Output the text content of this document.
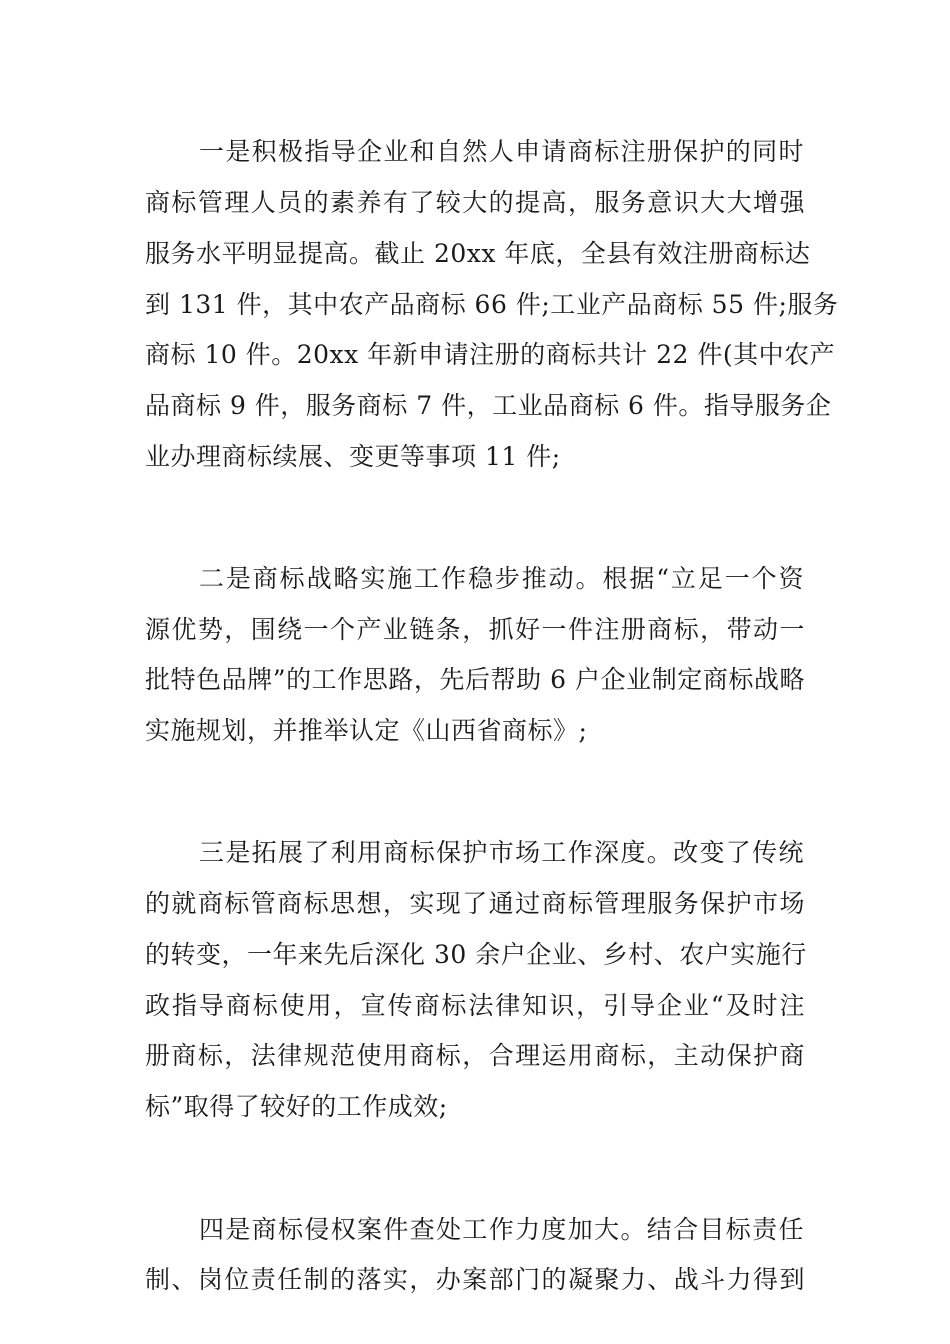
一是积极指导企业和自然人申请商标注册保护的同时
商标管理人员的素养有了较大的提高，服务意识大大增强
服务水平明显提高。截止 20xx 年底，全县有效注册商标达
到 131 件，其中农产品商标 66 件;工业产品商标 55 件;服务
商标 10 件。20xx 年新申请注册的商标共计 22 件(其中农产
品商标 9 件，服务商标 7 件，工业品商标 6 件。指导服务企
业办理商标续展、变更等事项 11 件;
二是商标战略实施工作稳步推动。根据“立足一个资
源优势，围绕一个产业链条，抓好一件注册商标，带动一
批特色品牌”的工作思路，先后帮助 6 户企业制定商标战略
实施规划，并推举认定《山西省商标》;
三是拓展了利用商标保护市场工作深度。改变了传统
的就商标管商标思想，实现了通过商标管理服务保护市场
的转变，一年来先后深化 30 余户企业、乡村、农户实施行
政指导商标使用，宣传商标法律知识，引导企业“及时注
册商标，法律规范使用商标，合理运用商标，主动保护商
标”取得了较好的工作成效;
四是商标侵权案件查处工作力度加大。结合目标责任
制、岗位责任制的落实，办案部门的凝聚力、战斗力得到
